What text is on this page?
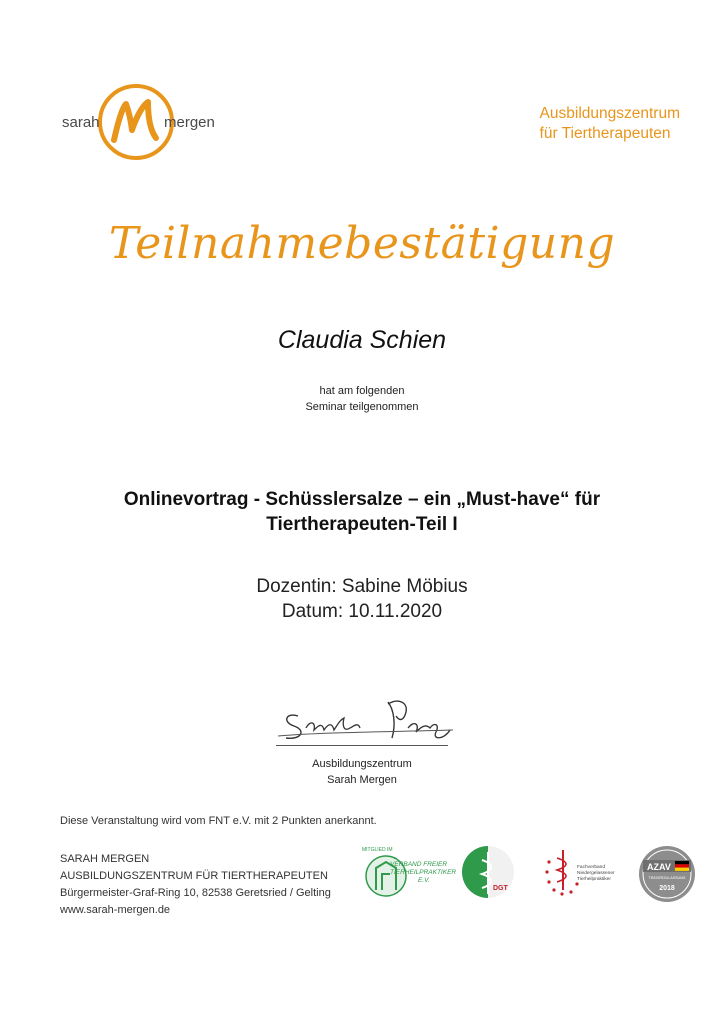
sarah	mergen
Ausbildungszentrum
für Tiertherapeuten
Teilnahmebestätigung
Claudia Schien
hat am folgenden
Seminar teilgenommen
Onlinevortrag - Schüsslersalze – ein „Must-have“ für
Tiertherapeuten-Teil I
Dozentin: Sabine Möbius
Datum: 10.11.2020
Ausbildungszentrum
Sarah Mergen
Diese Veranstaltung wird vom FNT e.V. mit 2 Punkten anerkannt.
SARAH MERGEN
AUSBILDUNGSZENTRUM FÜR TIERTHERAPEUTEN
Bürgermeister-Graf-Ring 10, 82538 Geretsried / Gelting
www.sarah-mergen.de
MITGLIED IM
VERBAND FREIER
TIERHEILPRAKTIKER
E.V.
DGT
Fachverband
Niedergelassener
Tierheilpraktiker
AZAV
TRÄGERZULASSUNG
2018
